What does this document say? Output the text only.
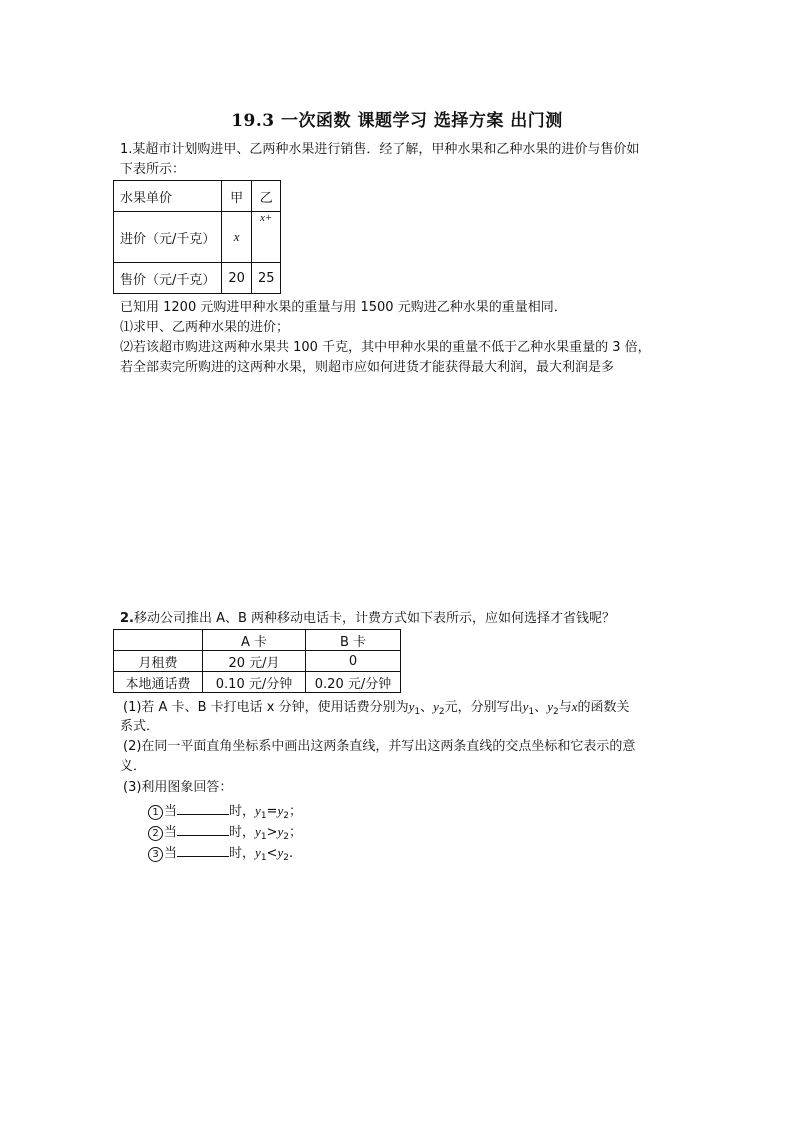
19.3 一次函数 课题学习 选择方案 出门测
1.某超市计划购进甲、乙两种水果进行销售．经了解，甲种水果和乙种水果的进价与售价如
下表所示：
水果单价	甲	乙
进价（元/千克）	x	x+
售价（元/千克）	20	25
已知用 1200 元购进甲种水果的重量与用 1500 元购进乙种水果的重量相同．
⑴求甲、乙两种水果的进价；
⑵若该超市购进这两种水果共 100 千克，其中甲种水果的重量不低于乙种水果重量的 3 倍，
若全部卖完所购进的这两种水果，则超市应如何进货才能获得最大利润，最大利润是多
2.移动公司推出 A、B 两种移动电话卡，计费方式如下表所示，应如何选择才省钱呢？
	A 卡	B 卡
月租费	20 元/月	0
本地通话费	0.10 元/分钟	0.20 元/分钟
(1)若 A 卡、B 卡打电话 x 分钟，使用话费分别为$y_1$、$y_2$元，分别写出$y_1$、$y_2$与x的函数关
系式．
(2)在同一平面直角坐标系中画出这两条直线，并写出这两条直线的交点坐标和它表示的意
义．
(3)利用图象回答：
1 当	时，$y_1=y_2$；
2 当	时，$y_1>y_2$；
3 当	时，$y_1<y_2$.
